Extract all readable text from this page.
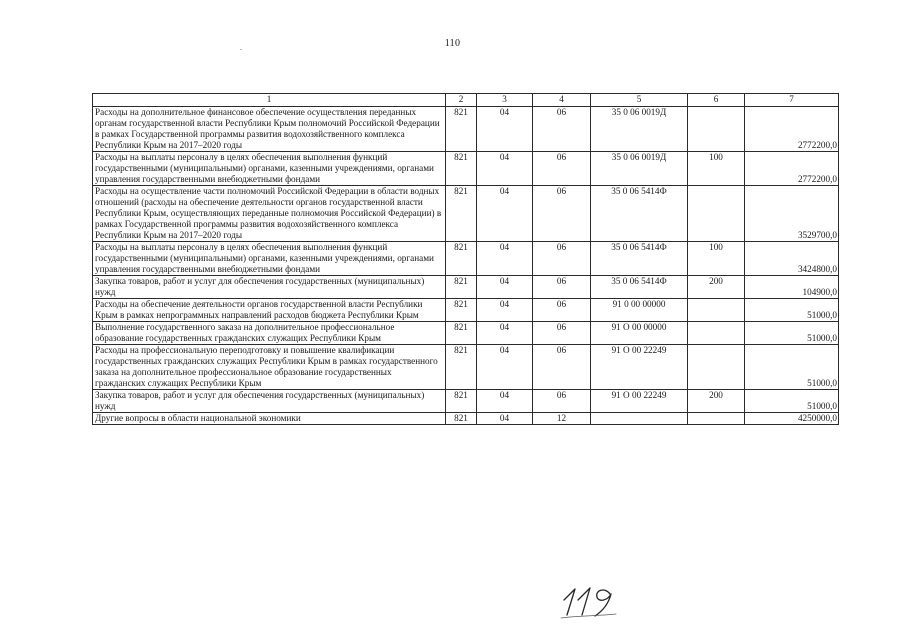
110
1	2	3	4	5	6	7
Расходы на дополнительное финансовое обеспечение осуществления переданных органам государственной власти Республики Крым полномочий Российской Федерации в рамках Государственной программы развития водохозяйственного комплекса Республики Крым на 2017–2020 годы	821	04	06	35 0 06 0019Д		2772200,0
Расходы на выплаты персоналу в целях обеспечения выполнения функций государственными (муниципальными) органами, казенными учреждениями, органами управления государственными внебюджетными фондами	821	04	06	35 0 06 0019Д	100	2772200,0
Расходы на осуществление части полномочий Российской Федерации в области водных отношений (расходы на обеспечение деятельности органов государственной власти Республики Крым, осуществляющих переданные полномочия Российской Федерации) в рамках Государственной программы развития водохозяйственного комплекса Республики Крым на 2017–2020 годы	821	04	06	35 0 06 5414Ф		3529700,0
Расходы на выплаты персоналу в целях обеспечения выполнения функций государственными (муниципальными) органами, казенными учреждениями, органами управления государственными внебюджетными фондами	821	04	06	35 0 06 5414Ф	100	3424800,0
Закупка товаров, работ и услуг для обеспечения государственных (муниципальных) нужд	821	04	06	35 0 06 5414Ф	200	104900,0
Расходы на обеспечение деятельности органов государственной власти Республики Крым в рамках непрограммных направлений расходов бюджета Республики Крым	821	04	06	91 0 00 00000		51000,0
Выполнение государственного заказа на дополнительное профессиональное образование государственных гражданских служащих Республики Крым	821	04	06	91 О 00 00000		51000,0
Расходы на профессиональную переподготовку и повышение квалификации государственных гражданских служащих Республики Крым в рамках государственного заказа на дополнительное профессиональное образование государственных гражданских служащих Республики Крым	821	04	06	91 О 00 22249		51000,0
Закупка товаров, работ и услуг для обеспечения государственных (муниципальных) нужд	821	04	06	91 О 00 22249	200	51000,0
Другие вопросы в области национальной экономики	821	04	12			4250000,0
